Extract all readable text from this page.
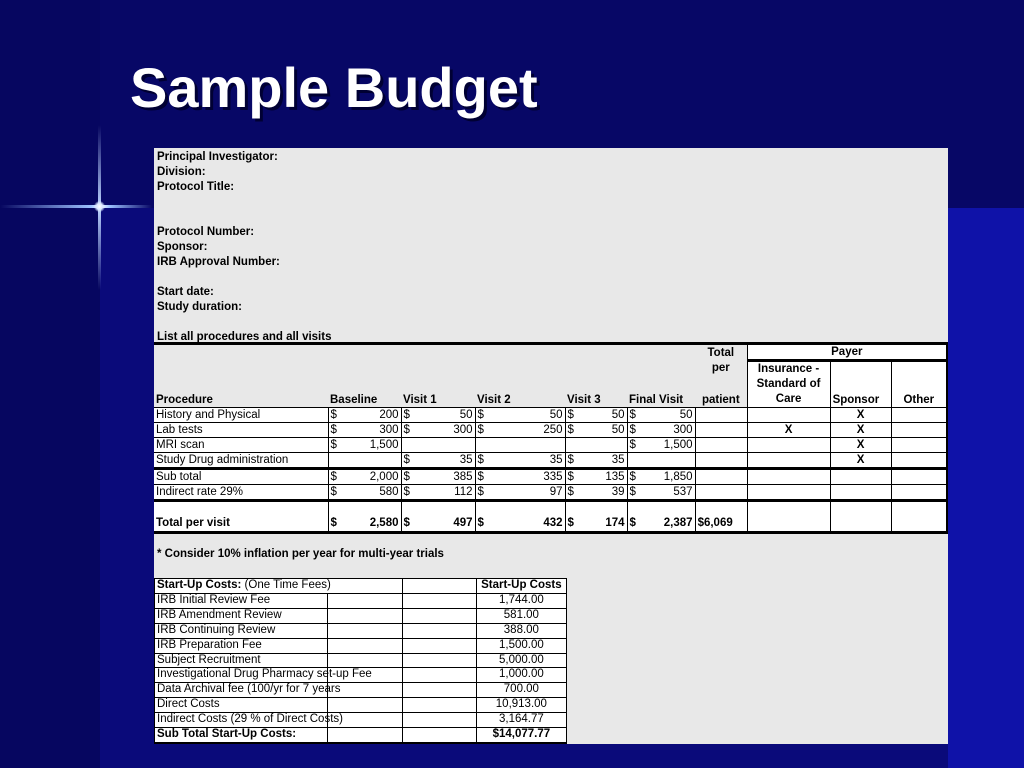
Sample Budget
Principal Investigator:
Division:
Protocol Title:
Protocol Number:
Sponsor:
IRB Approval Number:
Start date:
Study duration:
List all procedures and all visits
						Total	Payer		
						per	Insurance - Standard of Care	Sponsor	Other
Procedure	Baseline	Visit 1	Visit 2	Visit 3	Final Visit	patient			
History and Physical	$ 200	$ 50	$ 50	$ 50	$ 50			X	
Lab tests	$ 300	$ 300	$ 250	$ 50	$ 300		X	X	
MRI scan	$ 1,500				$ 1,500			X	
Study Drug administration		$ 35	$ 35	$ 35				X	
Sub total	$ 2,000	$ 385	$ 335	$ 135	$ 1,850				

Indirect rate 29%	$ 580	$ 112	$ 97	$ 39	$ 537				

Total per visit	$ 2,580	$ 497	$ 432	$ 174	$ 2,387	$6,069			
* Consider 10% inflation per year for multi-year trials
Start-Up Costs: (One Time Fees)			Start-Up Costs
IRB Initial Review Fee			1,744.00
IRB Amendment Review			581.00
IRB Continuing Review			388.00
IRB Preparation Fee			1,500.00
Subject Recruitment			5,000.00
Investigational Drug Pharmacy set-up Fee			1,000.00
Data Archival fee (100/yr for 7 years			700.00
Direct Costs			10,913.00
Indirect Costs (29 % of Direct Costs)			3,164.77
Sub Total Start-Up Costs:			$14,077.77
